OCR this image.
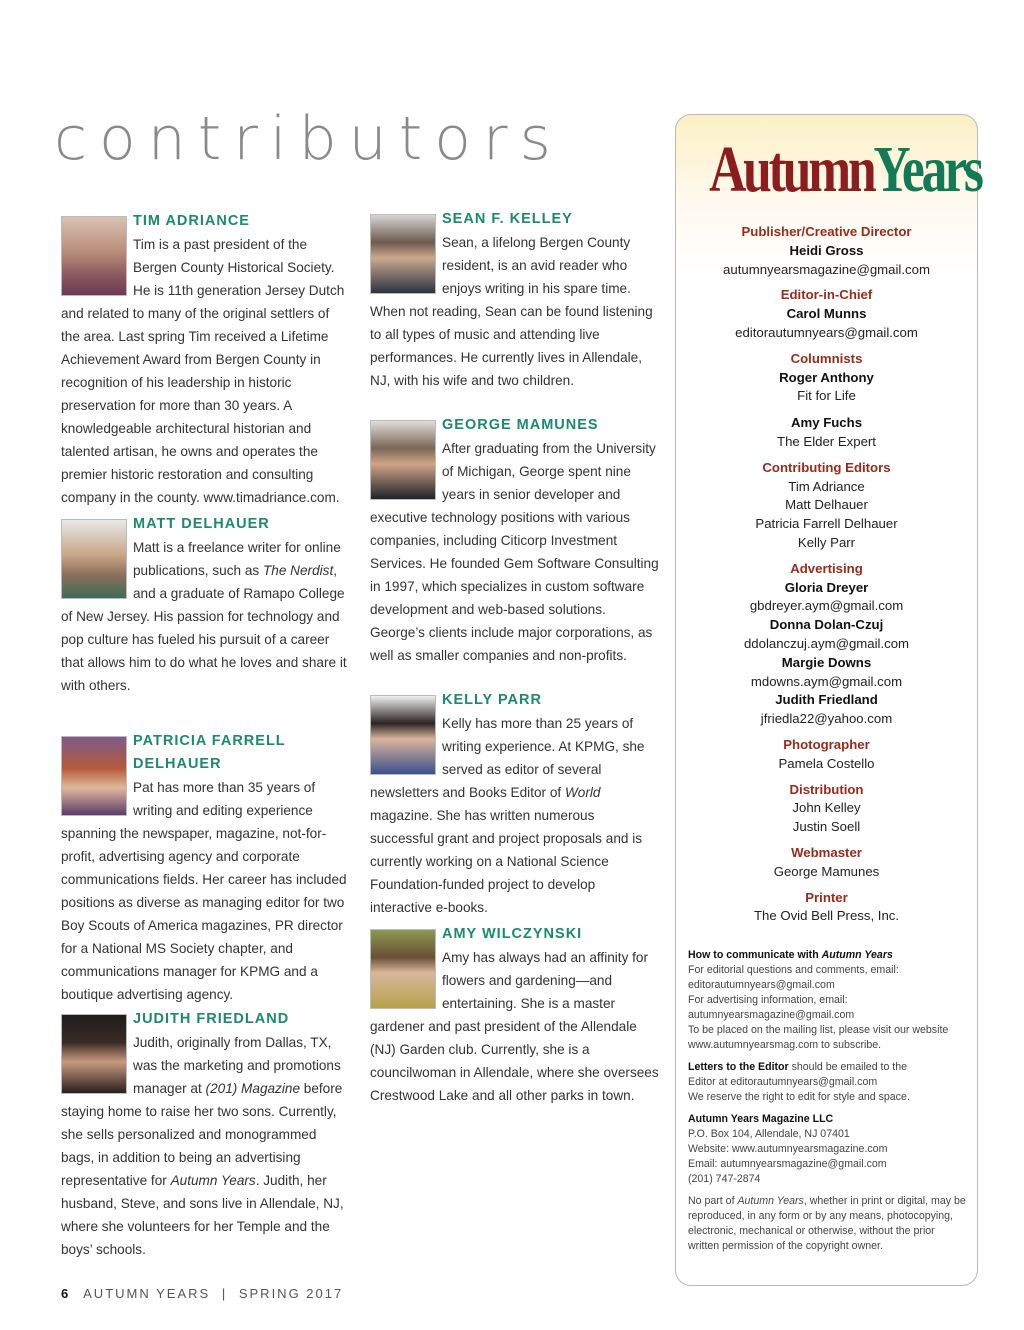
contributors
TIM ADRIANCE
Tim is a past president of the Bergen County Historical Society. He is 11th generation Jersey Dutch and related to many of the original settlers of the area. Last spring Tim received a Lifetime Achievement Award from Bergen County in recognition of his leadership in historic preservation for more than 30 years. A knowledgeable architectural historian and talented artisan, he owns and operates the premier historic restoration and consulting company in the county. www.timadriance.com.
MATT DELHAUER
Matt is a freelance writer for online publications, such as The Nerdist, and a graduate of Ramapo College of New Jersey. His passion for technology and pop culture has fueled his pursuit of a career that allows him to do what he loves and share it with others.
PATRICIA FARRELL
DELHAUER
Pat has more than 35 years of writing and editing experience spanning the newspaper, magazine, not-for-profit, advertising agency and corporate communications fields. Her career has included positions as diverse as managing editor for two Boy Scouts of America magazines, PR director for a National MS Society chapter, and communications manager for KPMG and a boutique advertising agency.
JUDITH FRIEDLAND
Judith, originally from Dallas, TX, was the marketing and promotions manager at (201) Magazine before staying home to raise her two sons. Currently, she sells personalized and monogrammed bags, in addition to being an advertising representative for Autumn Years. Judith, her husband, Steve, and sons live in Allendale, NJ, where she volunteers for her Temple and the boys’ schools.
SEAN F. KELLEY
Sean, a lifelong Bergen County resident, is an avid reader who enjoys writing in his spare time. When not reading, Sean can be found listening to all types of music and attending live performances. He currently lives in Allendale, NJ, with his wife and two children.
GEORGE MAMUNES
After graduating from the University of Michigan, George spent nine years in senior developer and executive technology positions with various companies, including Citicorp Investment Services. He founded Gem Software Consulting in 1997, which specializes in custom software development and web-based solutions. George’s clients include major corporations, as well as smaller companies and non-profits.
KELLY PARR
Kelly has more than 25 years of writing experience. At KPMG, she served as editor of several newsletters and Books Editor of World magazine. She has written numerous successful grant and project proposals and is currently working on a National Science Foundation-funded project to develop interactive e-books.
AMY WILCZYNSKI
Amy has always had an affinity for flowers and gardening—and entertaining. She is a master gardener and past president of the Allendale (NJ) Garden club. Currently, she is a councilwoman in Allendale, where she oversees Crestwood Lake and all other parks in town.
AutumnYears
Publisher/Creative Director
Heidi Gross
autumnyearsmagazine@gmail.com
Editor-in-Chief
Carol Munns
editorautumnyears@gmail.com
Columnists
Roger Anthony
Fit for Life
Amy Fuchs
The Elder Expert
Contributing Editors
Tim Adriance
Matt Delhauer
Patricia Farrell Delhauer
Kelly Parr
Advertising
Gloria Dreyer
gbdreyer.aym@gmail.com
Donna Dolan-Czuj
ddolanczuj.aym@gmail.com
Margie Downs
mdowns.aym@gmail.com
Judith Friedland
jfriedla22@yahoo.com
Photographer
Pamela Costello
Distribution
John Kelley
Justin Soell
Webmaster
George Mamunes
Printer
The Ovid Bell Press, Inc.

How to communicate with Autumn Years
For editorial questions and comments, email:
editorautumnyears@gmail.com
For advertising information, email:
autumnyearsmagazine@gmail.com
To be placed on the mailing list, please visit our website
www.autumnyearsmag.com to subscribe.

Letters to the Editor should be emailed to the
Editor at editorautumnyears@gmail.com
We reserve the right to edit for style and space.

Autumn Years Magazine LLC
P.O. Box 104, Allendale, NJ 07401
Website: www.autumnyearsmagazine.com
Email: autumnyearsmagazine@gmail.com
(201) 747-2874

No part of Autumn Years, whether in print or digital, may be reproduced, in any form or by any means, photocopying, electronic, mechanical or otherwise, without the prior written permission of the copyright owner.

6 AUTUMN YEARS | SPRING 2017
